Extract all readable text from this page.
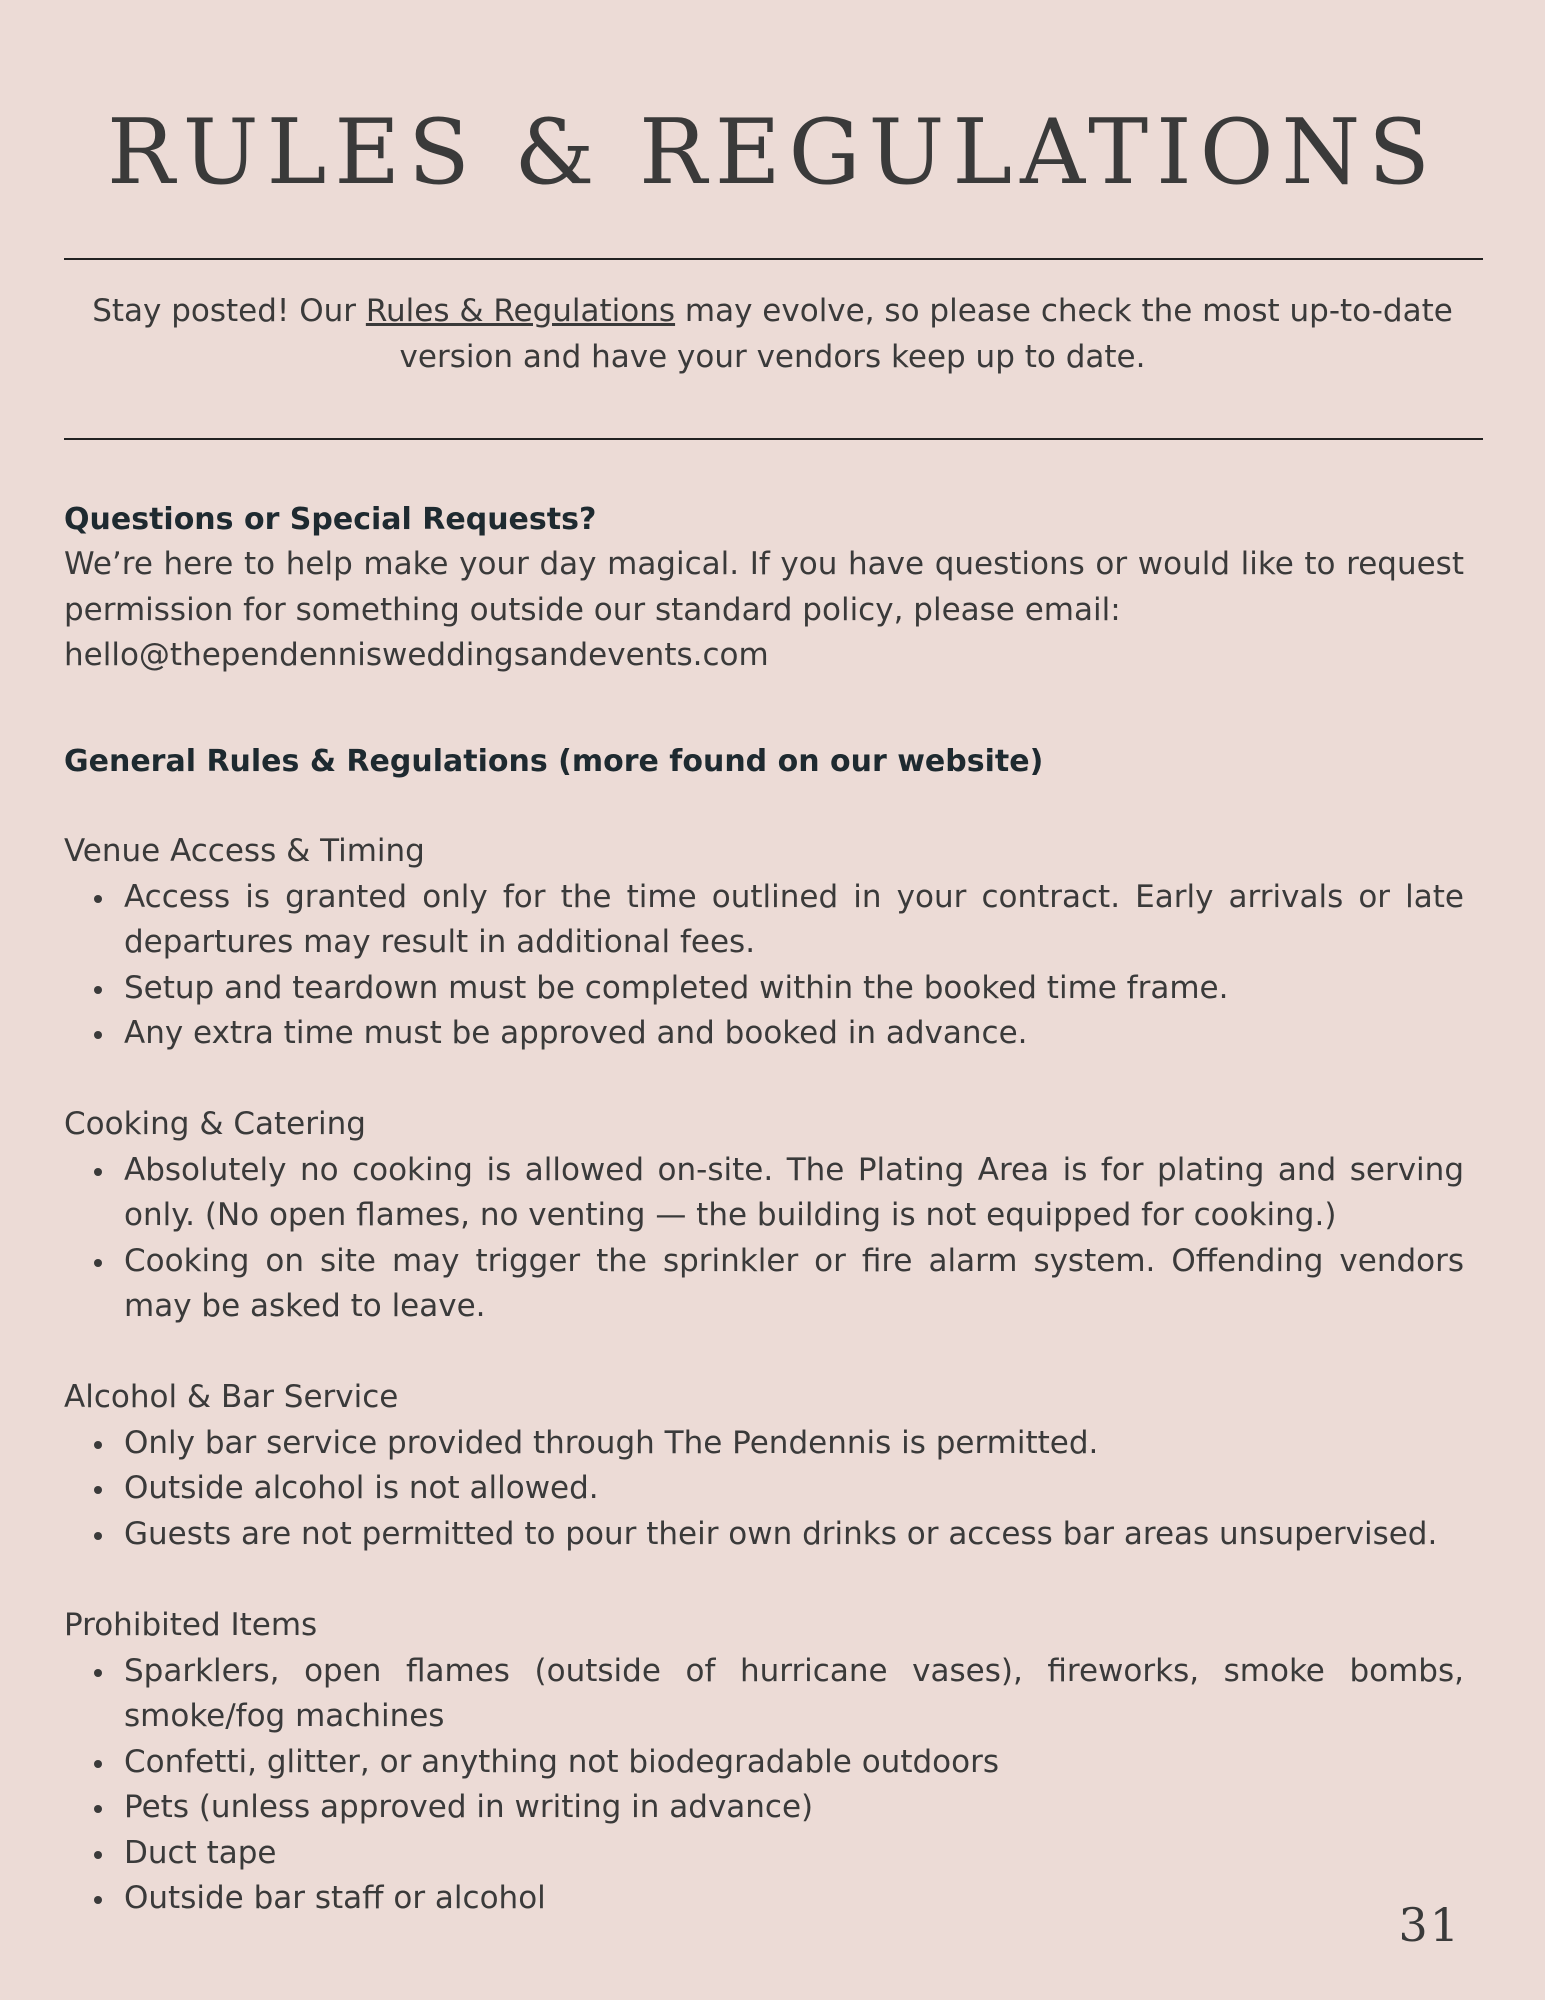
RULES & REGULATIONS
Stay posted! Our Rules & Regulations may evolve, so please check the most up-to-date version and have your vendors keep up to date.
Questions or Special Requests?
We’re here to help make your day magical. If you have questions or would like to request permission for something outside our standard policy, please email:
hello@thependennisweddingsandevents.com
General Rules & Regulations (more found on our website)
Venue Access & Timing
Access is granted only for the time outlined in your contract. Early arrivals or late departures may result in additional fees.
Setup and teardown must be completed within the booked time frame.
Any extra time must be approved and booked in advance.
Cooking & Catering
Absolutely no cooking is allowed on-site. The Plating Area is for plating and serving only. (No open flames, no venting — the building is not equipped for cooking.)
Cooking on site may trigger the sprinkler or fire alarm system. Offending vendors may be asked to leave.
Alcohol & Bar Service
Only bar service provided through The Pendennis is permitted.
Outside alcohol is not allowed.
Guests are not permitted to pour their own drinks or access bar areas unsupervised.
Prohibited Items
Sparklers, open flames (outside of hurricane vases), fireworks, smoke bombs, smoke/fog machines
Confetti, glitter, or anything not biodegradable outdoors
Pets (unless approved in writing in advance)
Duct tape
Outside bar staff or alcohol	31
